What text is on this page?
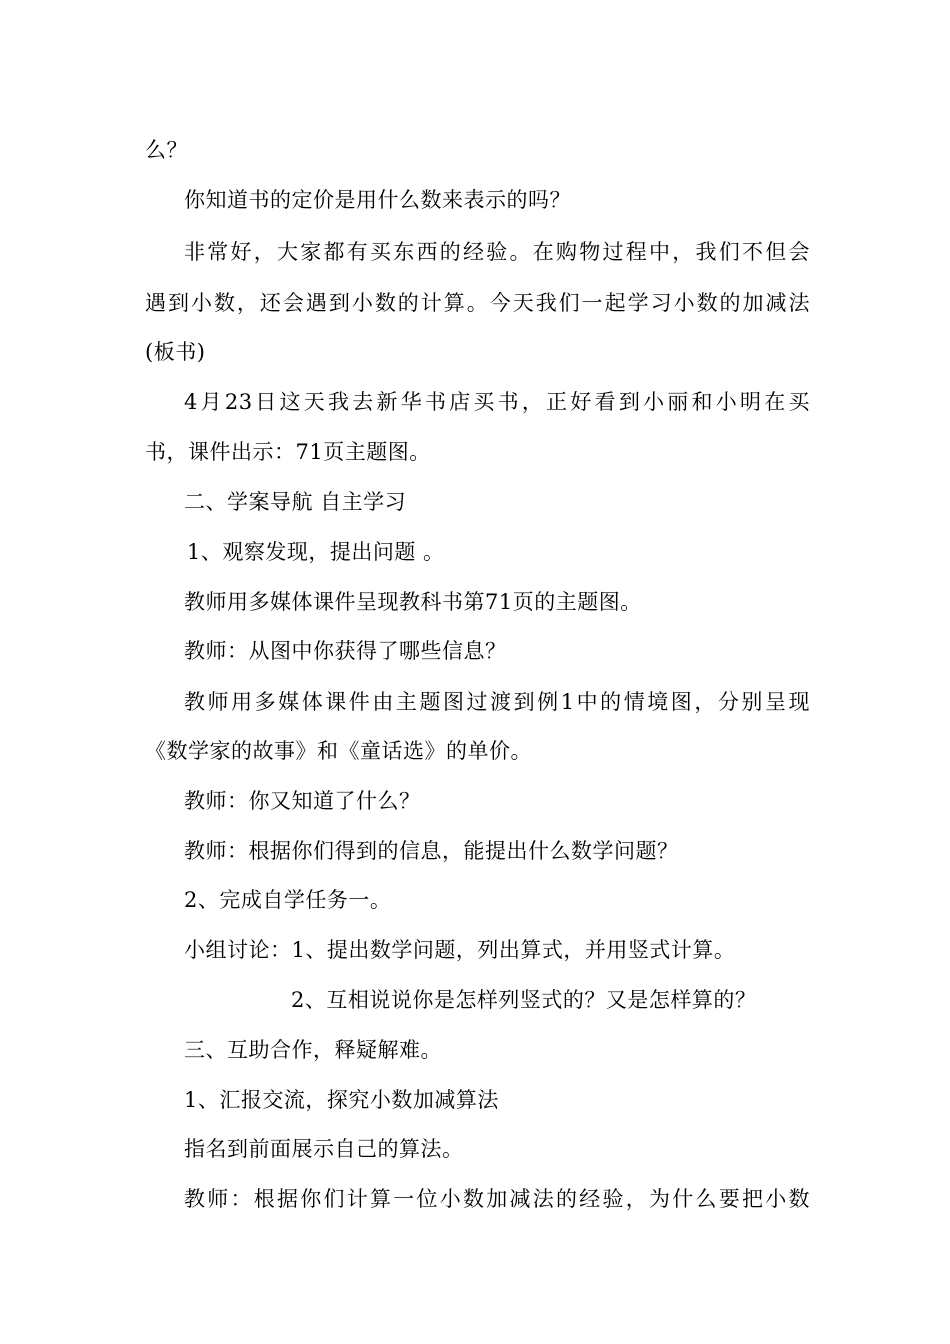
么？
你知道书的定价是用什么数来表示的吗？
非常好，大家都有买东西的经验。在购物过程中，我们不但会
遇到小数，还会遇到小数的计算。今天我们一起学习小数的加减法
(板书)
4月23日这天我去新华书店买书，正好看到小丽和小明在买
书，课件出示：71页主题图。
二、学案导航 自主学习
1、观察发现，提出问题 。
教师用多媒体课件呈现教科书第71页的主题图。
教师：从图中你获得了哪些信息？
教师用多媒体课件由主题图过渡到例1中的情境图，分别呈现
《数学家的故事》和《童话选》的单价。
教师：你又知道了什么？
教师：根据你们得到的信息，能提出什么数学问题？
2、完成自学任务一。
小组讨论：1、提出数学问题，列出算式，并用竖式计算。
2、互相说说你是怎样列竖式的？又是怎样算的？
三、互助合作，释疑解难。
1、汇报交流，探究小数加减算法
指名到前面展示自己的算法。
教师：根据你们计算一位小数加减法的经验，为什么要把小数
